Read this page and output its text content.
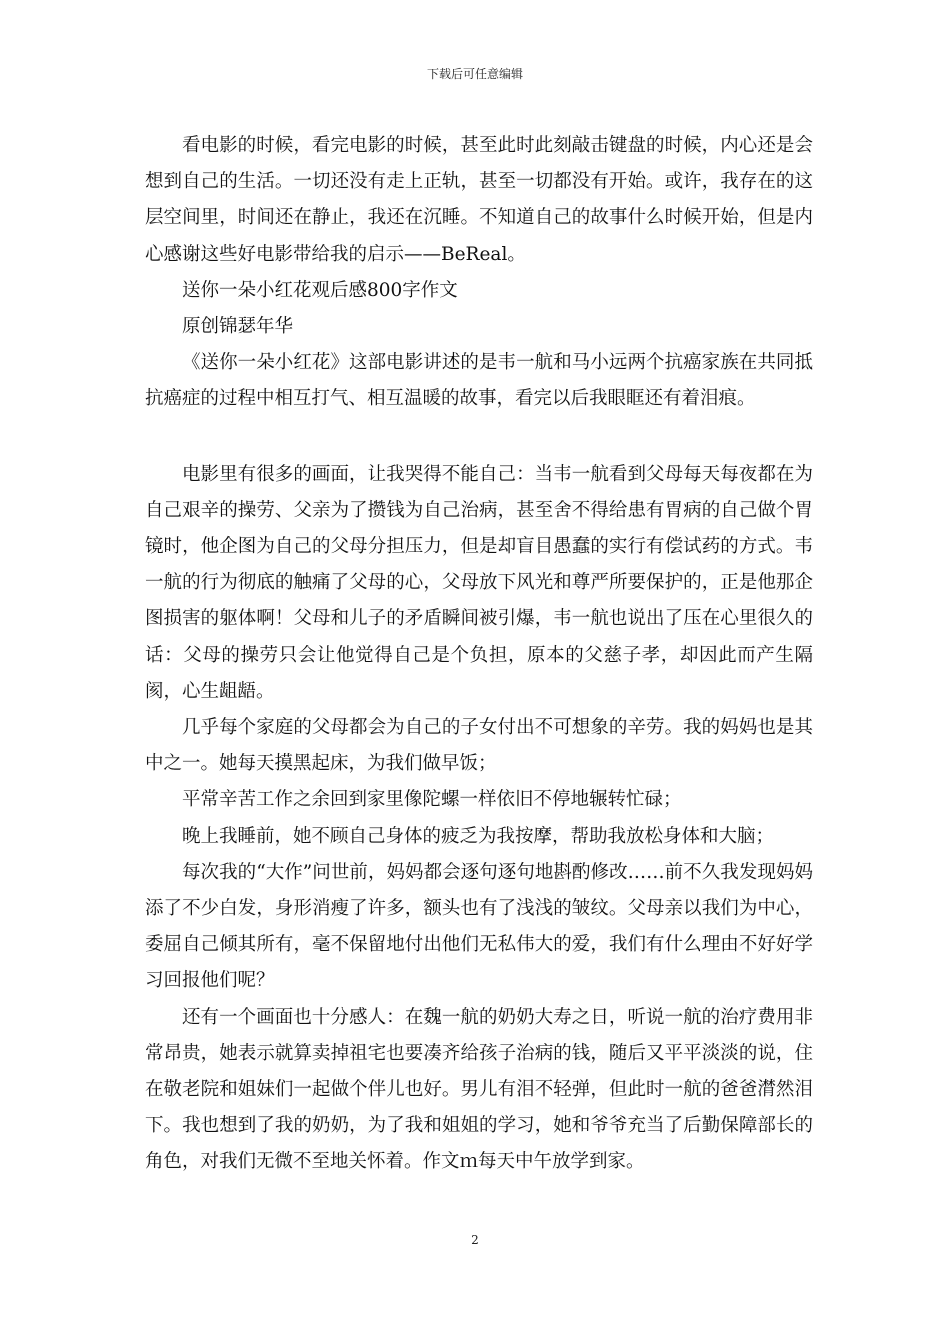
下载后可任意编辑

看电影的时候，看完电影的时候，甚至此时此刻敲击键盘的时候，内心还是会想到自己的生活。一切还没有走上正轨，甚至一切都没有开始。或许，我存在的这层空间里，时间还在静止，我还在沉睡。不知道自己的故事什么时候开始，但是内心感谢这些好电影带给我的启示——BeReal。

送你一朵小红花观后感800字作文

原创锦瑟年华

《送你一朵小红花》这部电影讲述的是韦一航和马小远两个抗癌家族在共同抵抗癌症的过程中相互打气、相互温暖的故事，看完以后我眼眶还有着泪痕。

电影里有很多的画面，让我哭得不能自己：当韦一航看到父母每天每夜都在为自己艰辛的操劳、父亲为了攒钱为自己治病，甚至舍不得给患有胃病的自己做个胃镜时，他企图为自己的父母分担压力，但是却盲目愚蠢的实行有偿试药的方式。韦一航的行为彻底的触痛了父母的心，父母放下风光和尊严所要保护的，正是他那企图损害的躯体啊！父母和儿子的矛盾瞬间被引爆，韦一航也说出了压在心里很久的话：父母的操劳只会让他觉得自己是个负担，原本的父慈子孝，却因此而产生隔阂，心生龃龉。

几乎每个家庭的父母都会为自己的子女付出不可想象的辛劳。我的妈妈也是其中之一。她每天摸黑起床，为我们做早饭；

平常辛苦工作之余回到家里像陀螺一样依旧不停地辗转忙碌；

晚上我睡前，她不顾自己身体的疲乏为我按摩，帮助我放松身体和大脑；

每次我的“大作”问世前，妈妈都会逐句逐句地斟酌修改……前不久我发现妈妈添了不少白发，身形消瘦了许多，额头也有了浅浅的皱纹。父母亲以我们为中心，委屈自己倾其所有，毫不保留地付出他们无私伟大的爱，我们有什么理由不好好学习回报他们呢？

还有一个画面也十分感人：在魏一航的奶奶大寿之日，听说一航的治疗费用非常昂贵，她表示就算卖掉祖宅也要凑齐给孩子治病的钱，随后又平平淡淡的说，住在敬老院和姐妹们一起做个伴儿也好。男儿有泪不轻弹，但此时一航的爸爸潸然泪下。我也想到了我的奶奶，为了我和姐姐的学习，她和爷爷充当了后勤保障部长的角色，对我们无微不至地关怀着。作文ｍ每天中午放学到家。

2
